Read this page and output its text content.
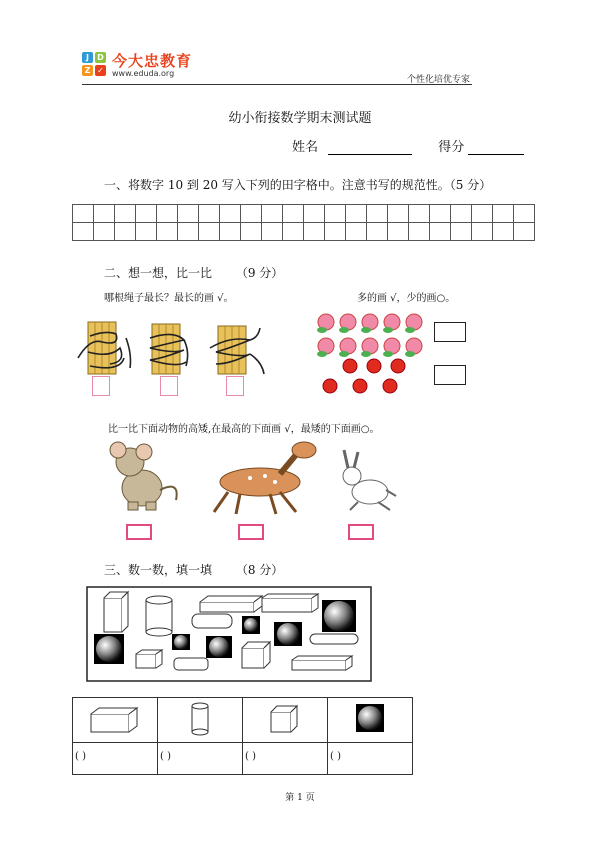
J	D
Z ✓
今大忠教育
www.eduda.org
个性化培优专家
幼小衔接数学期末测试题
姓名	得分
一、将数字 10 到 20 写入下列的田字格中。注意书写的规范性。（5 分）

二、想一想，比一比 （9 分）
哪根绳子最长？最长的画 √。	多的画 √，少的画○。
比一比下面动物的高矮,在最高的下面画 √，最矮的下面画○。
三、数一数，填一填 （8 分）

( )	( )	( )	( )
第 1 页
